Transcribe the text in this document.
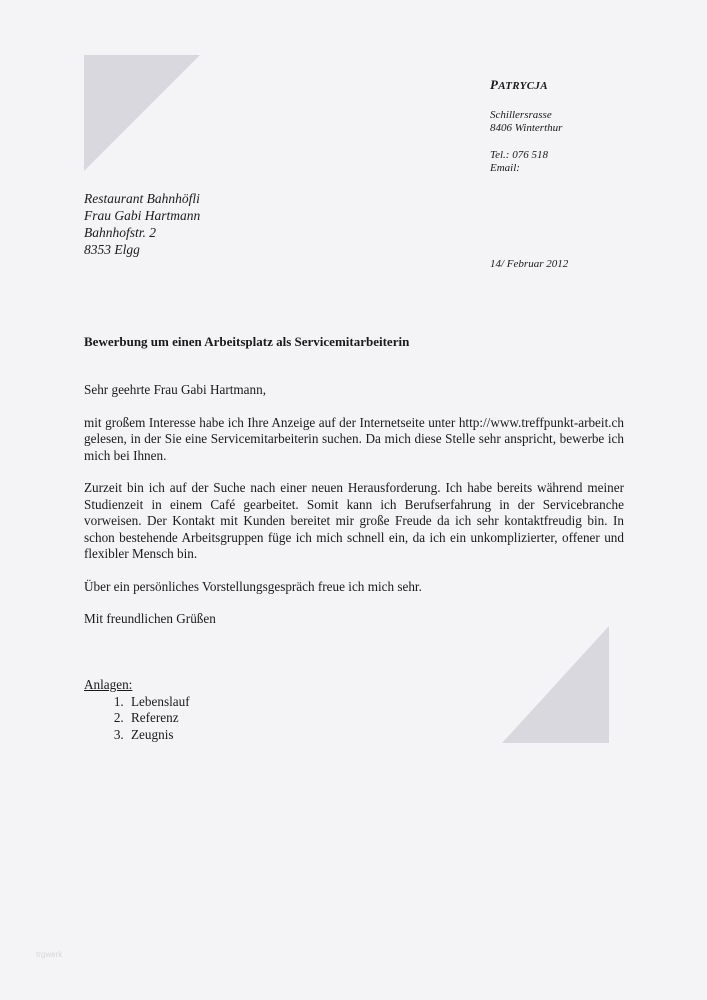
PATRYCJA
Schillersrasse
8406 Winterthur
Tel.: 076 518
Email:
Restaurant Bahnhöfli
Frau Gabi Hartmann
Bahnhofstr. 2
8353 Elgg
14/ Februar 2012
Bewerbung um einen Arbeitsplatz als Servicemitarbeiterin

Sehr geehrte Frau Gabi Hartmann,

mit großem Interesse habe ich Ihre Anzeige auf der Internetseite unter http://www.treffpunkt-arbeit.ch gelesen, in der Sie eine Servicemitarbeiterin suchen. Da mich diese Stelle sehr anspricht, bewerbe ich mich bei Ihnen.

Zurzeit bin ich auf der Suche nach einer neuen Herausforderung. Ich habe bereits während meiner Studienzeit in einem Café gearbeitet. Somit kann ich Berufserfahrung in der Servicebranche vorweisen. Der Kontakt mit Kunden bereitet mir große Freude da ich sehr kontaktfreudig bin. In schon bestehende Arbeitsgruppen füge ich mich schnell ein, da ich ein unkomplizierter, offener und flexibler Mensch bin.

Über ein persönliches Vorstellungsgespräch freue ich mich sehr.

Mit freundlichen Grüßen

Anlagen:
1. Lebenslauf
2. Referenz
3. Zeugnis
trgwerk
